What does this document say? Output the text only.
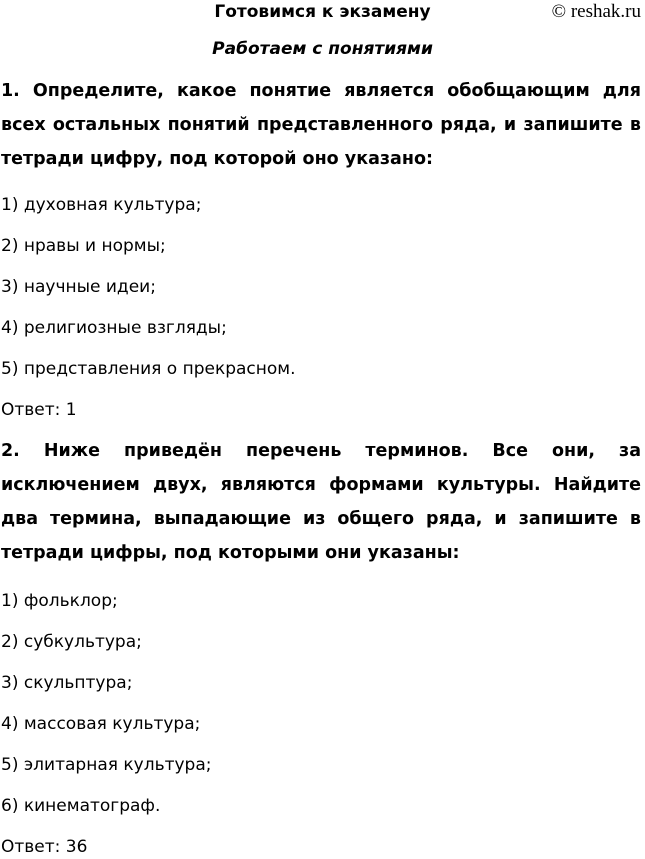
Готовимся к экзамену	© reshak.ru
Работаем с понятиями
1. Определите, какое понятие является обобщающим для всех остальных понятий представленного ряда, и запишите в тетради цифру, под которой оно указано:
1) духовная культура;
2) нравы и нормы;
3) научные идеи;
4) религиозные взгляды;
5) представления о прекрасном.
Ответ: 1
2. Ниже приведён перечень терминов. Все они, за исключением двух, являются формами культуры. Найдите два термина, выпадающие из общего ряда, и запишите в тетради цифры, под которыми они указаны:
1) фольклор;
2) субкультура;
3) скульптура;
4) массовая культура;
5) элитарная культура;
6) кинематограф.
Ответ: 36
